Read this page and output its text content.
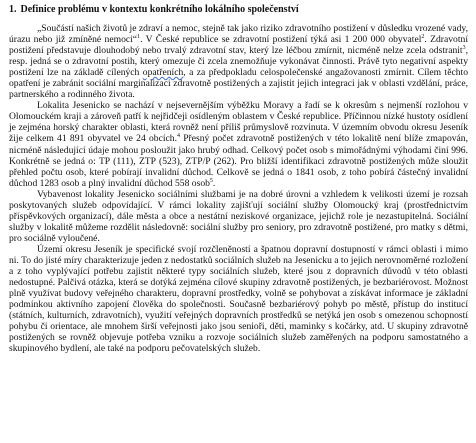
1. Definice problému v kontextu konkrétního lokálního společenství

„Součástí našich životů je zdraví a nemoc, stejně tak jako riziko zdravotního postižení v důsledku vrozené vady, úrazu nebo již zmíněné nemoci“$^1$. V České republice se zdravotní postižení týká asi 1 200 000 obyvatel$^2$. Zdravotní postižení představuje dlouhodobý nebo trvalý zdravotní stav, který lze léčbou zmírnit, nicméně nelze zcela odstranit$^3$, resp. jedná se o zdravotní postih, který omezuje či zcela znemožňuje vykonávat činnosti. Právě tyto negativní aspekty postižení lze na základě cílených opatřeních, a za předpokladu celospolečenské angažovanosti zmírnit. Cílem těchto opatření je zabránit sociální marginalizaci zdravotně postižených a zajistit jejich integraci jak v oblasti vzdělání, práce, partnerského a rodinného života.

Lokalita Jesenicko se nachází v nejsevernějším výběžku Moravy a řadí se k okresům s nejmenší rozlohou v Olomouckém kraji a zároveň patří k nejřidčeji osídleným oblastem v České republice. Příčinnou nízké hustoty osídlení je zejména horský charakter oblasti, která rovněž není příliš průmyslově rozvinuta. V územním obvodu okresu Jeseník žije celkem 41 891 obyvatel ve 24 obcích.$^4$ Přesný počet zdravotně postižených v této lokalitě není blíže zmapován, nicméně následující údaje mohou posloužit jako hrubý odhad. Celkový počet osob s mimořádnými výhodami činí 996. Konkrétně se jedná o: TP (111), ZTP (523), ZTP/P (262). Pro bližší identifikaci zdravotně postižených může sloužit přehled počtu osob, které pobírají invalidní důchod. Celkově se jedná o 1841 osob, z toho pobírá částečný invalidní důchod 1283 osob a plný invalidní důchod 558 osob$^5$.

Vybavenost lokality Jesenicko sociálními službami je na dobré úrovni a vzhledem k velikosti území je rozsah poskytovaných služeb odpovídající. V rámci lokality zajišťují sociální služby Olomoucký kraj (prostřednictvím příspěvkových organizací), dále města a obce a nestátní neziskové organizace, jejichž role je nezastupitelná. Sociální služby v lokalitě můžeme rozdělit následovně: sociální služby pro seniory, pro zdravotně postižené, pro matky s dětmi, pro sociálně vyloučené.

Území okresu Jeseník je specifické svojí rozčleněností a špatnou dopravní dostupností v rámci oblasti i mimo ni. To do jisté míry charakterizuje jeden z nedostatků sociálních služeb na Jesenicku a to jejich nerovnoměrné rozložení a z toho vyplývající potřebu zajistit některé typy sociálních služeb, které jsou z dopravních důvodů v této oblasti nedostupné. Palčivá otázka, která se dotýká zejména cílové skupiny zdravotně postižených, je bezbariérovost. Možnost plně využívat budovy veřejného charakteru, dopravní prostředky, volně se pohybovat a získávat informace je základní podmínkou aktivního zapojení člověka do společnosti. Současně bezbariérový pohyb po městě, přístup do institucí (státních, kulturních, zdravotních), využití veřejných dopravních prostředků se netýká jen osob s omezenou schopností pohybu či orientace, ale mnohem širší veřejnosti jako jsou senioři, děti, maminky s kočárky, atd. U skupiny zdravotně postižených se rovněž objevuje potřeba vzniku a rozvoje sociálních služeb zaměřených na podporu samostatného a skupinového bydlení, ale také na podporu pečovatelských služeb.
